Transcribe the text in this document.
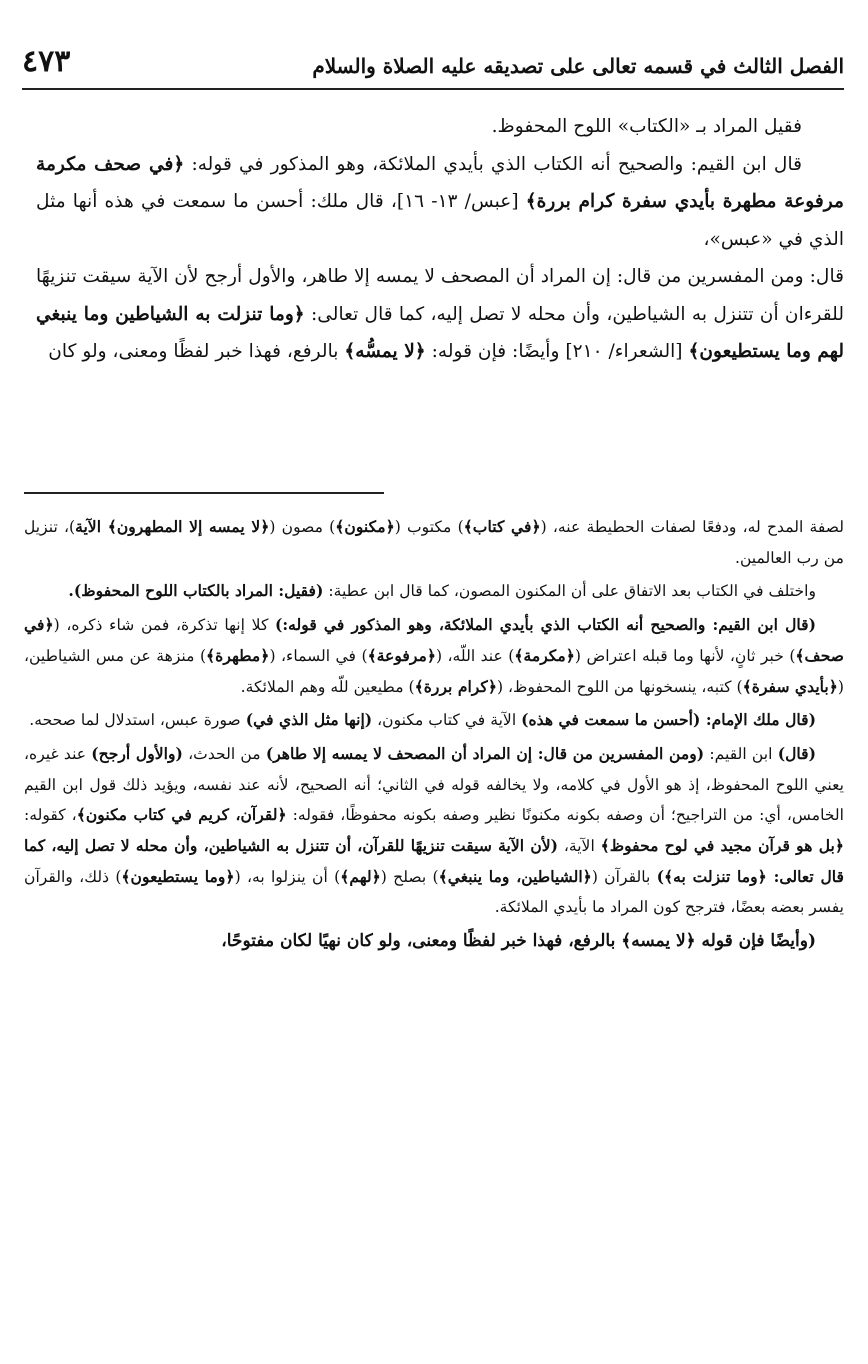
الفصل الثالث في قسمه تعالى على تصديقه عليه الصلاة والسلام
٤٧٣

فقيل المراد بـ «الكتاب» اللوح المحفوظ.

قال ابن القيم: والصحيح أنه الكتاب الذي بأيدي الملائكة، وهو المذكور في قوله: ﴿في صحف مكرمة مرفوعة مطهرة بأيدي سفرة كرام بررة﴾ [عبس/ ١٣- ١٦]، قال ملك: أحسن ما سمعت في هذه أنها مثل الذي في «عبس»،

قال: ومن المفسرين من قال: إن المراد أن المصحف لا يمسه إلا طاهر، والأول أرجح لأن الآية سيقت تنزيهًا للقرءان أن تتنزل به الشياطين، وأن محله لا تصل إليه، كما قال تعالى: ﴿وما تنزلت به الشياطين وما ينبغي لهم وما يستطيعون﴾ [الشعراء/ ٢١٠] وأيضًا: فإن قوله: ﴿لا يمسُّه﴾ بالرفع، فهذا خبر لفظًا ومعنى، ولو كان

لصفة المدح له، ودفعًا لصفات الحطيطة عنه، (﴿في كتاب﴾) مكتوب (﴿مكنون﴾) مصون (﴿لا يمسه إلا المطهرون﴾ الآية)، تنزيل من رب العالمين.

واختلف في الكتاب بعد الاتفاق على أن المكنون المصون، كما قال ابن عطية: (فقيل: المراد بالكتاب اللوح المحفوظ).

(قال ابن القيم: والصحيح أنه الكتاب الذي بأيدي الملائكة، وهو المذكور في قوله:) كلا إنها تذكرة، فمن شاء ذكره، (﴿في صحف﴾) خبر ثانٍ، لأنها وما قبله اعتراض (﴿مكرمة﴾) عند اللّه، (﴿مرفوعة﴾) في السماء، (﴿مطهرة﴾) منزهة عن مس الشياطين، (﴿بأيدي سفرة﴾) كتبه، ينسخونها من اللوح المحفوظ، (﴿كرام بررة﴾) مطيعين للّه وهم الملائكة.

(قال ملك الإمام: (أحسن ما سمعت في هذه) الآية في كتاب مكنون، (إنها مثل الذي في) صورة عبس، استدلال لما صححه.

(قال) ابن القيم: (ومن المفسرين من قال: إن المراد أن المصحف لا يمسه إلا طاهر) من الحدث، (والأول أرجح) عند غيره، يعني اللوح المحفوظ، إذ هو الأول في كلامه، ولا يخالفه قوله في الثاني؛ أنه الصحيح، لأنه عند نفسه، ويؤيد ذلك قول ابن القيم الخامس، أي: من التراجيح؛ أن وصفه بكونه مكنونًا نظير وصفه بكونه محفوظًا، فقوله: ﴿لقرآن، كريم في كتاب مكنون﴾، كقوله: ﴿بل هو قرآن مجيد في لوح محفوظ﴾ الآية، (لأن الآية سيقت تنزيهًا للقرآن، أن تتنزل به الشياطين، وأن محله لا تصل إليه، كما قال تعالى: ﴿وما تنزلت به﴾) بالقرآن (﴿الشياطين، وما ينبغي﴾) بصلح (﴿لهم﴾) أن ينزلوا به، (﴿وما يستطيعون﴾) ذلك، والقرآن يفسر بعضه بعضًا، فترجح كون المراد ما بأيدي الملائكة.

(وأيضًا فإن قوله ﴿لا يمسه﴾ بالرفع، فهذا خبر لفظًا ومعنى، ولو كان نهيًا لكان مفتوحًا،
